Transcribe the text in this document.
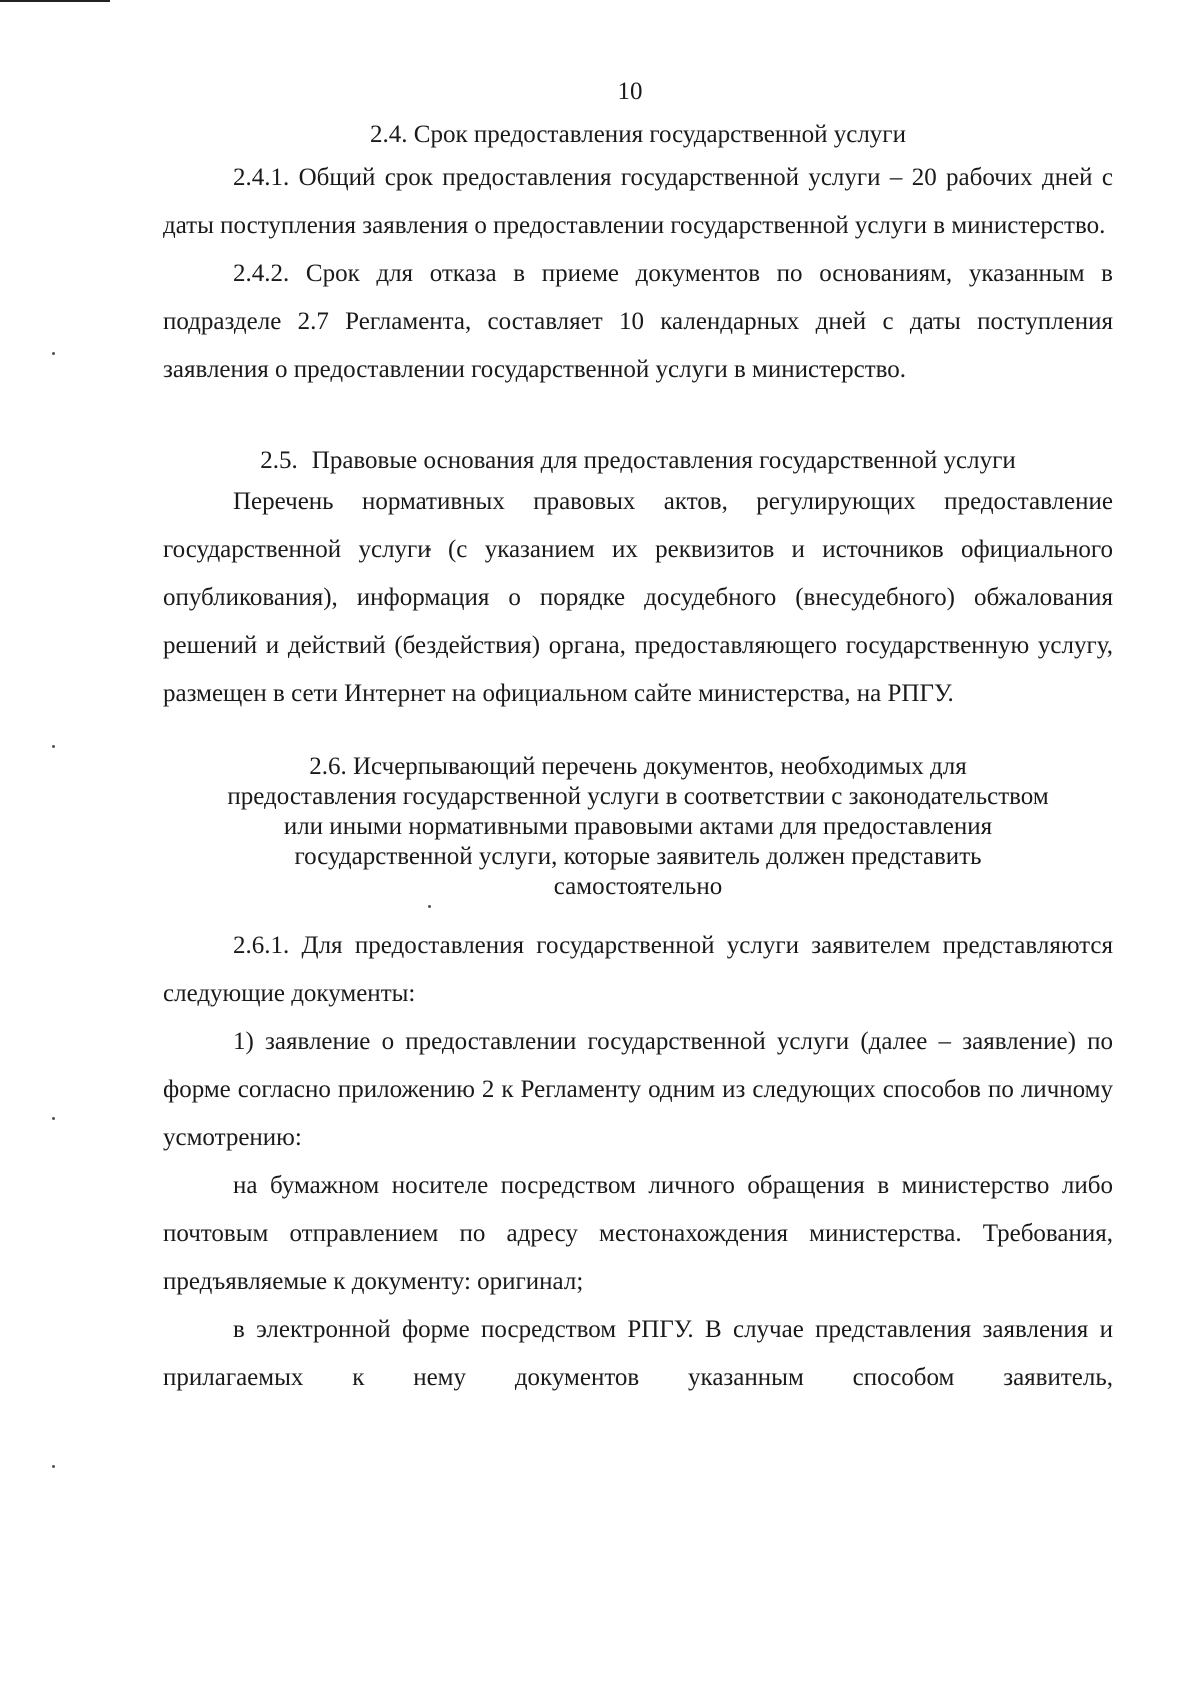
10

2.4. Срок предоставления государственной услуги

2.4.1. Общий срок предоставления государственной услуги – 20 рабочих дней с даты поступления заявления о предоставлении государственной услуги в министерство.

2.4.2. Срок для отказа в приеме документов по основаниям, указанным в подразделе 2.7 Регламента, составляет 10 календарных дней с даты поступления заявления о предоставлении государственной услуги в министерство.

2.5. Правовые основания для предоставления государственной услуги

Перечень нормативных правовых актов, регулирующих предоставление государственной услуги (с указанием их реквизитов и источников официального опубликования), информация о порядке досудебного (внесудебного) обжалования решений и действий (бездействия) органа, предоставляющего государственную услугу, размещен в сети Интернет на официальном сайте министерства, на РПГУ.

2.6. Исчерпывающий перечень документов, необходимых для
предоставления государственной услуги в соответствии с законодательством
или иными нормативными правовыми актами для предоставления
государственной услуги, которые заявитель должен представить
самостоятельно

2.6.1. Для предоставления государственной услуги заявителем представляются следующие документы:

1) заявление о предоставлении государственной услуги (далее – заявление) по форме согласно приложению 2 к Регламенту одним из следующих способов по личному усмотрению:

на бумажном носителе посредством личного обращения в министерство либо почтовым отправлением по адресу местонахождения министерства. Требования, предъявляемые к документу: оригинал;

в электронной форме посредством РПГУ. В случае представления заявления и прилагаемых к нему документов указанным способом заявитель,
